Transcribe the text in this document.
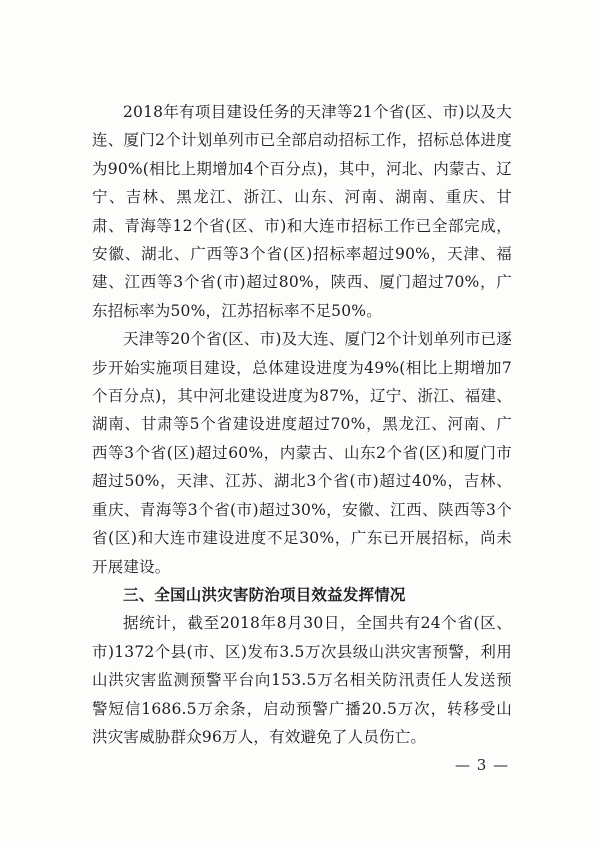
2018年有项目建设任务的天津等21个省(区、市)以及大连、厦门2个计划单列市已全部启动招标工作，招标总体进度为90%(相比上期增加4个百分点)，其中，河北、内蒙古、辽宁、吉林、黑龙江、浙江、山东、河南、湖南、重庆、甘肃、青海等12个省(区、市)和大连市招标工作已全部完成，安徽、湖北、广西等3个省(区)招标率超过90%，天津、福建、江西等3个省(市)超过80%，陕西、厦门超过70%，广东招标率为50%，江苏招标率不足50%。

天津等20个省(区、市)及大连、厦门2个计划单列市已逐步开始实施项目建设，总体建设进度为49%(相比上期增加7个百分点)，其中河北建设进度为87%，辽宁、浙江、福建、湖南、甘肃等5个省建设进度超过70%，黑龙江、河南、广西等3个省(区)超过60%，内蒙古、山东2个省(区)和厦门市超过50%，天津、江苏、湖北3个省(市)超过40%，吉林、重庆、青海等3个省(市)超过30%，安徽、江西、陕西等3个省(区)和大连市建设进度不足30%，广东已开展招标，尚未开展建设。

三、全国山洪灾害防治项目效益发挥情况

据统计，截至2018年8月30日，全国共有24个省(区、市)1372个县(市、区)发布3.5万次县级山洪灾害预警，利用山洪灾害监测预警平台向153.5万名相关防汛责任人发送预警短信1686.5万余条，启动预警广播20.5万次，转移受山洪灾害威胁群众96万人，有效避免了人员伤亡。

— 3 —
